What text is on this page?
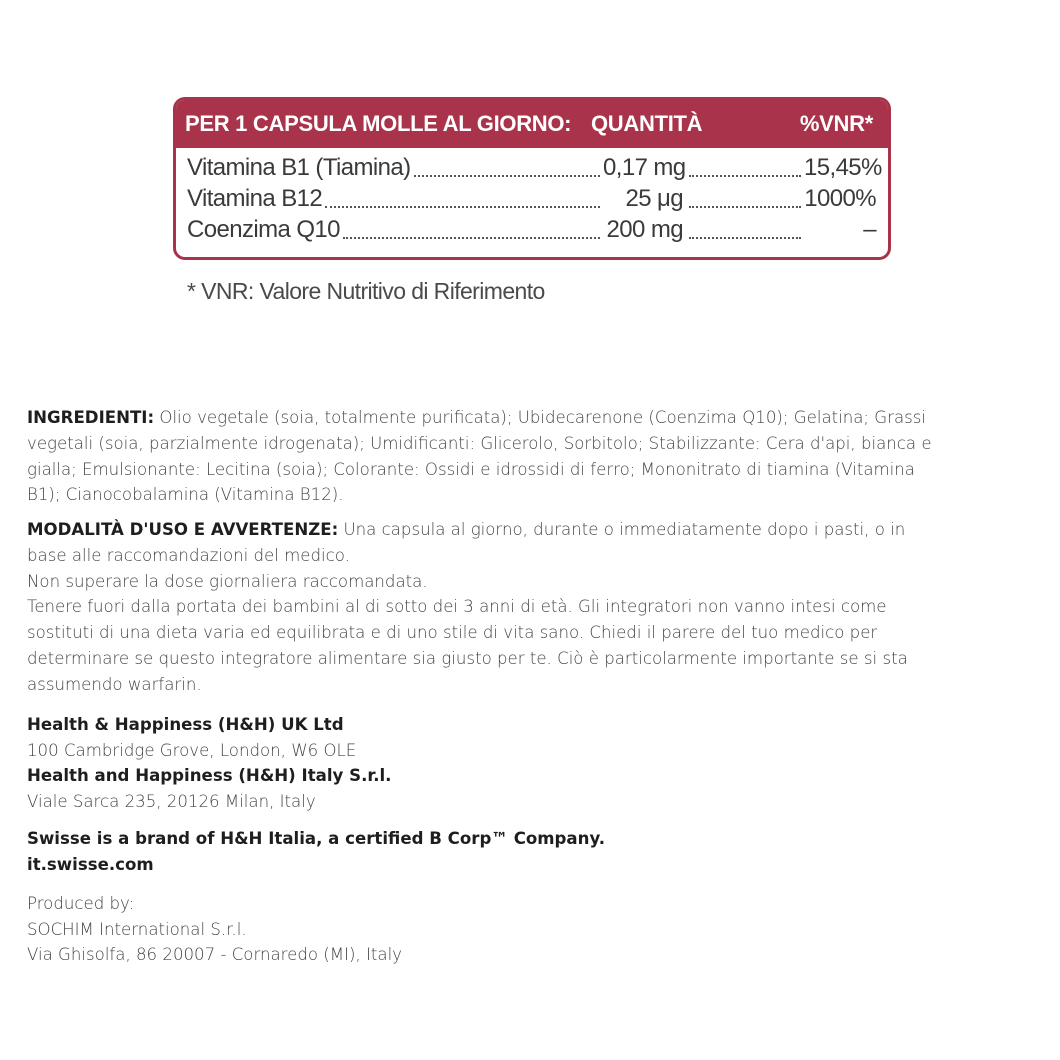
PER 1 CAPSULA MOLLE AL GIORNO: QUANTITÀ	%VNR*
Vitamina B1 (Tiamina)	0,17 mg	15,45%
Vitamina B12	25 μg	1000%
Coenzima Q10	200 mg	–
* VNR: Valore Nutritivo di Riferimento
INGREDIENTI: Olio vegetale (soia, totalmente purificata); Ubidecarenone (Coenzima Q10); Gelatina; Grassi
vegetali (soia, parzialmente idrogenata); Umidificanti: Glicerolo, Sorbitolo; Stabilizzante: Cera d'api, bianca e
gialla; Emulsionante: Lecitina (soia); Colorante: Ossidi e idrossidi di ferro; Mononitrato di tiamina (Vitamina
B1); Cianocobalamina (Vitamina B12).
MODALITÀ D'USO E AVVERTENZE: Una capsula al giorno, durante o immediatamente dopo i pasti, o in
base alle raccomandazioni del medico.
Non superare la dose giornaliera raccomandata.
Tenere fuori dalla portata dei bambini al di sotto dei 3 anni di età. Gli integratori non vanno intesi come
sostituti di una dieta varia ed equilibrata e di uno stile di vita sano. Chiedi il parere del tuo medico per
determinare se questo integratore alimentare sia giusto per te. Ciò è particolarmente importante se si sta
assumendo warfarin.
Health & Happiness (H&H) UK Ltd
100 Cambridge Grove, London, W6 OLE
Health and Happiness (H&H) Italy S.r.l.
Viale Sarca 235, 20126 Milan, Italy
Swisse is a brand of H&H Italia, a certified B Corp™ Company.
it.swisse.com
Produced by:
SOCHIM International S.r.l.
Via Ghisolfa, 86 20007 - Cornaredo (MI), Italy
